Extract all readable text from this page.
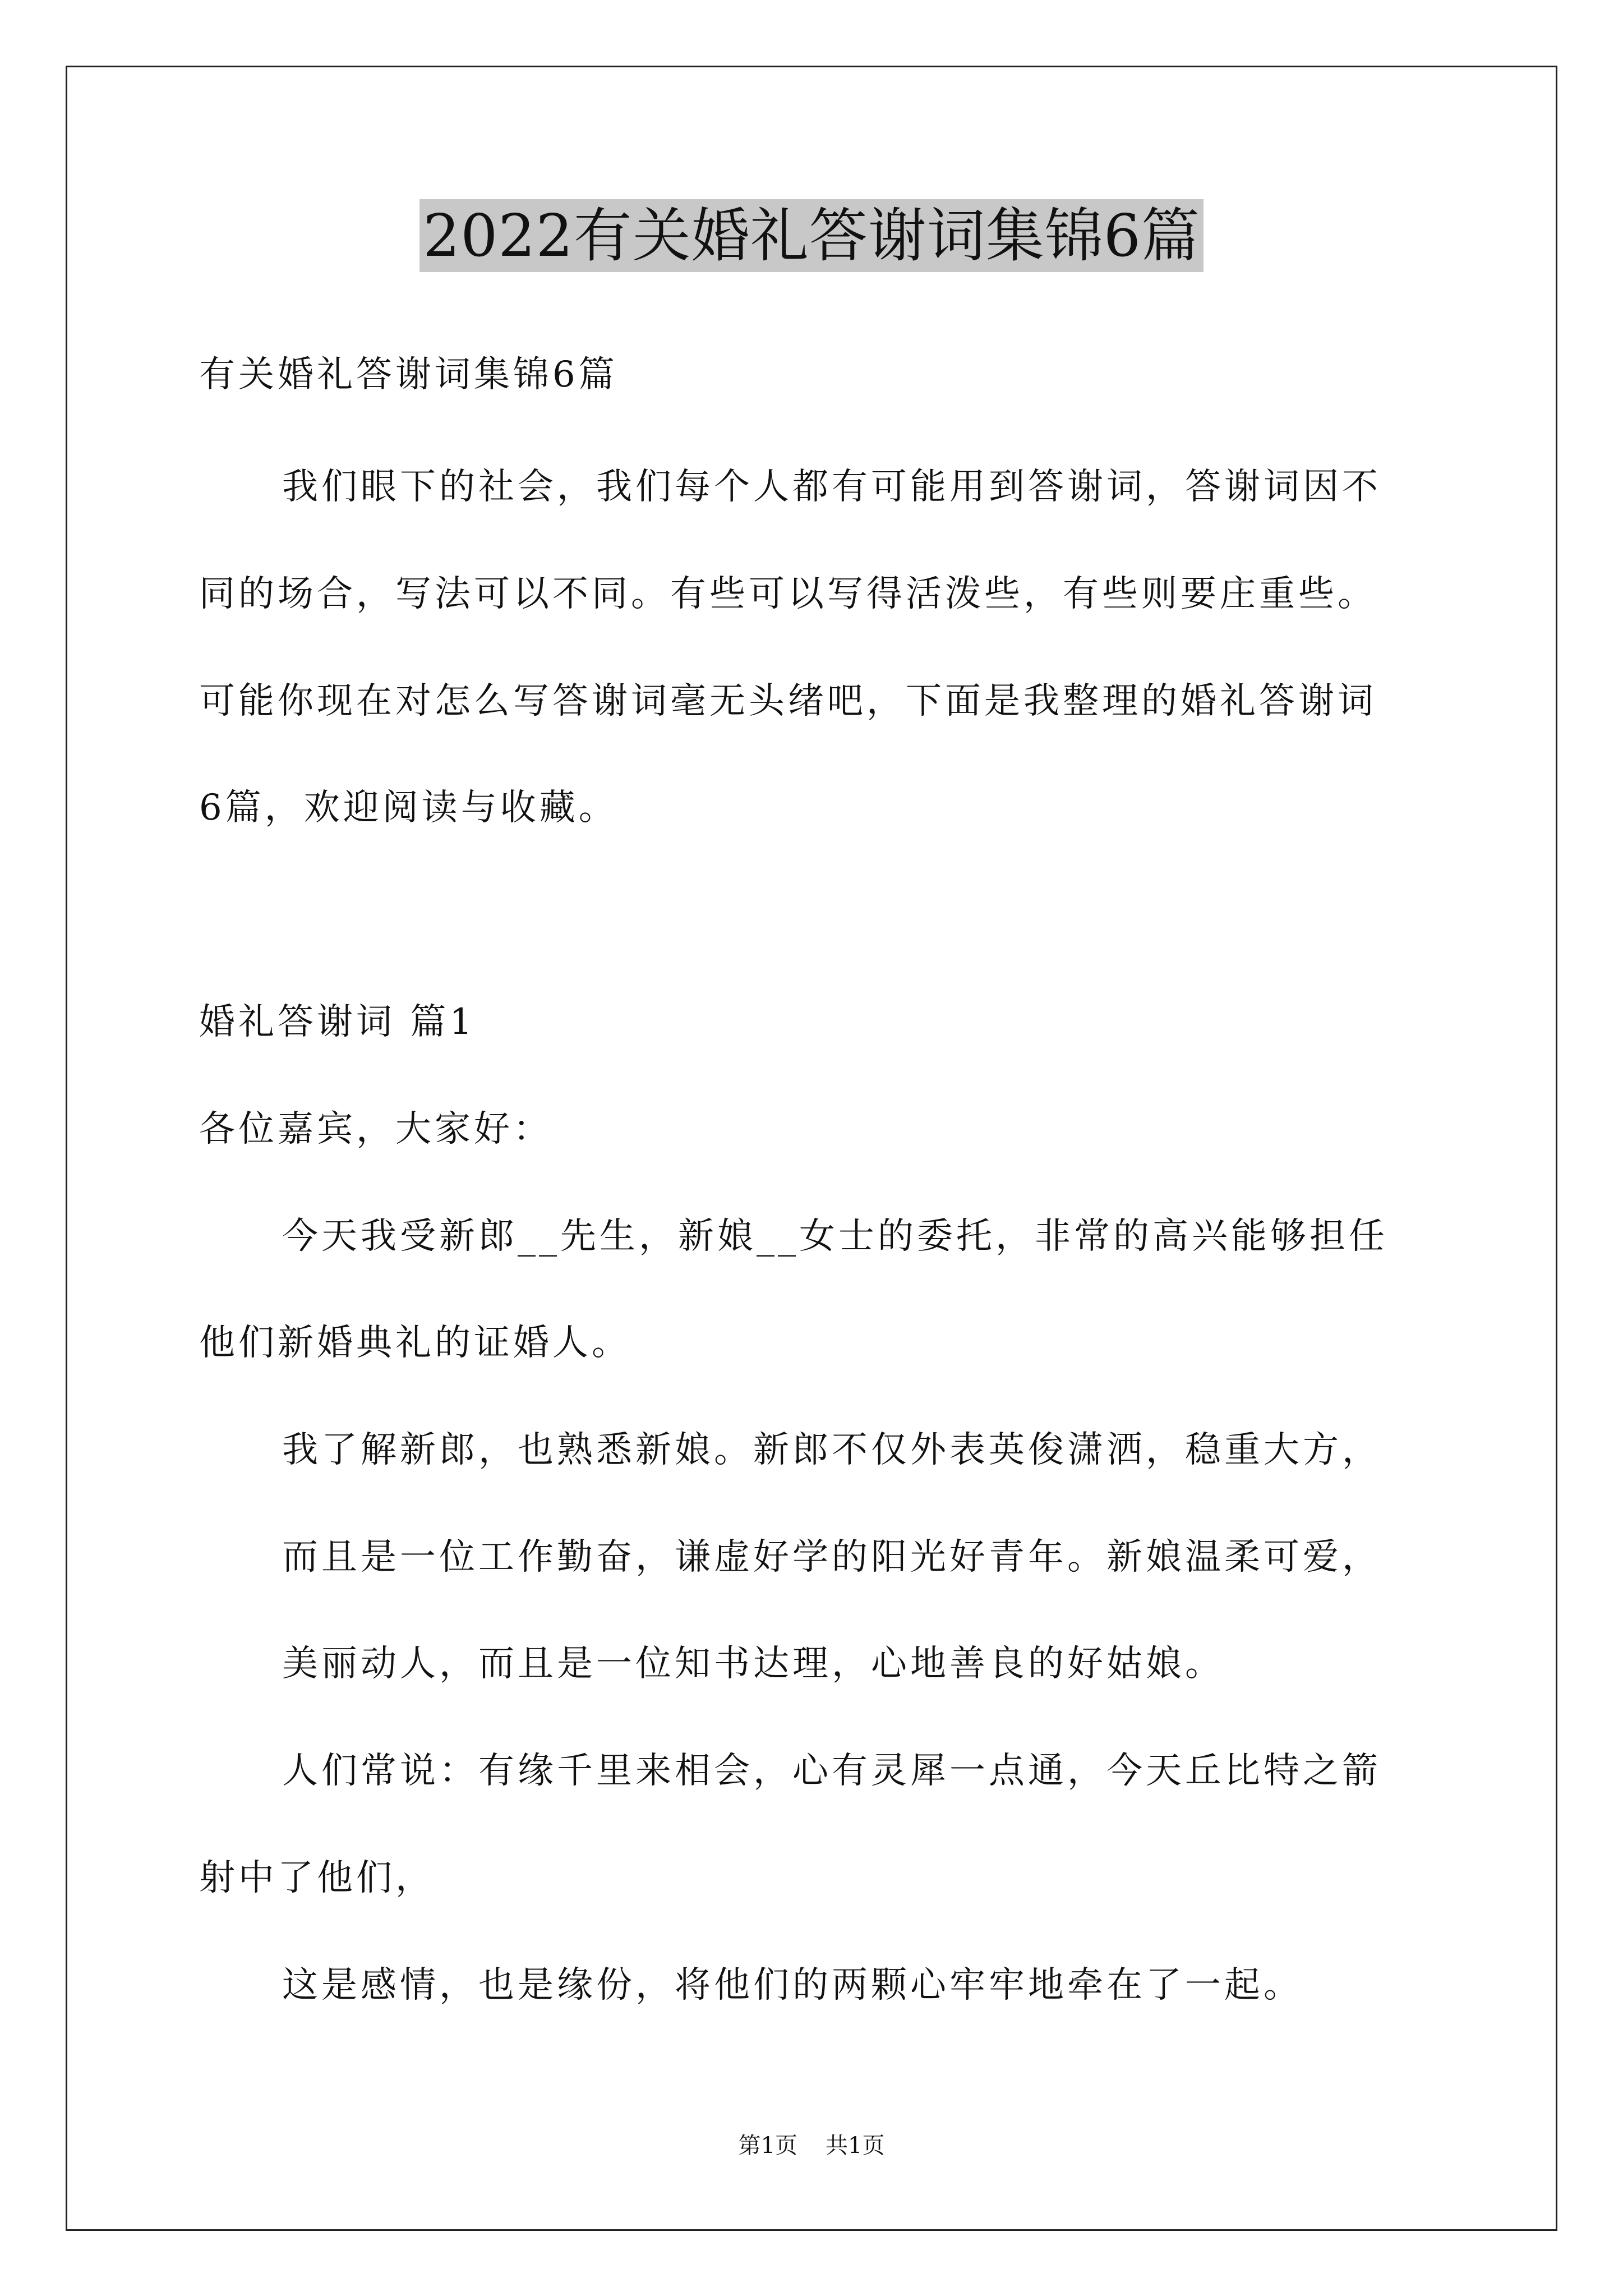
2022有关婚礼答谢词集锦6篇
有关婚礼答谢词集锦6篇
我们眼下的社会，我们每个人都有可能用到答谢词，答谢词因不
同的场合，写法可以不同。有些可以写得活泼些，有些则要庄重些。
可能你现在对怎么写答谢词毫无头绪吧，下面是我整理的婚礼答谢词
6篇，欢迎阅读与收藏。
婚礼答谢词 篇1
各位嘉宾，大家好：
今天我受新郎__先生，新娘__女士的委托，非常的高兴能够担任
他们新婚典礼的证婚人。
我了解新郎，也熟悉新娘。新郎不仅外表英俊潇洒，稳重大方，
而且是一位工作勤奋，谦虚好学的阳光好青年。新娘温柔可爱，
美丽动人，而且是一位知书达理，心地善良的好姑娘。
人们常说：有缘千里来相会，心有灵犀一点通，今天丘比特之箭
射中了他们，
这是感情，也是缘份，将他们的两颗心牢牢地牵在了一起。
第1页 共1页
